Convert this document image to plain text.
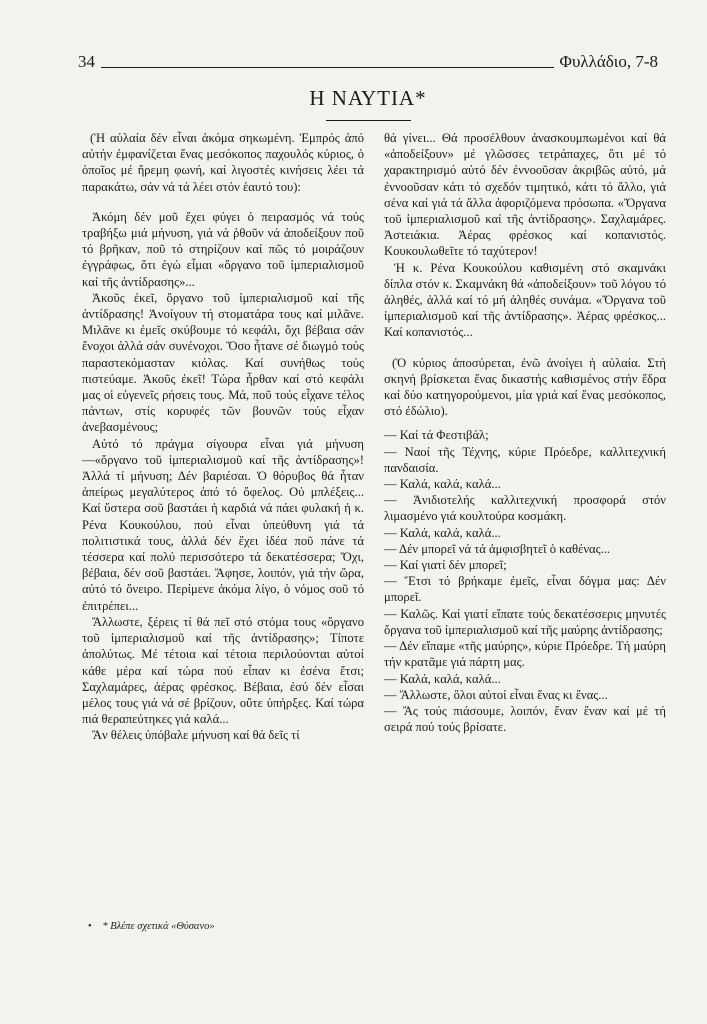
34	Φυλλάδιο, 7-8
Η ΝΑΥΤΙΑ*

(Ἡ αὐλαία δέν εἶναι ἀκόμα σηκωμένη. Ἐμπρός ἀπό αὐτήν ἐμφανίζεται ἕνας μεσόκοπος παχουλός κύριος, ὁ ὁποῖος μέ ἤρεμη φωνή, καί λιγοστές κινήσεις λέει τά παρακάτω, σάν νά τά λέει στόν ἑαυτό του):

Ἀκόμη δέν μοῦ ἔχει φύγει ὁ πειρασμός νά τούς τραβήξω μιά μήνυση, γιά νά ῥθοῦν νά ἀποδείξουν ποῦ τό βρῆκαν, ποῦ τό στηρίζουν καί πῶς τό μοιράζουν ἐγγράφως, ὅτι ἐγώ εἶμαι «ὄργανο τοῦ ἰμπεριαλισμοῦ καί τῆς ἀντίδρασης»...

Ἀκοῦς ἐκεῖ, ὄργανο τοῦ ἰμπεριαλισμοῦ καί τῆς ἀντίδρασης! Ἀνοίγουν τή στοματάρα τους καί μιλᾶνε. Μιλᾶνε κι ἐμεῖς σκύβουμε τό κεφάλι, ὄχι βέβαια σάν ἔνοχοι ἀλλά σάν συνένοχοι. Ὅσο ἦτανε σέ διωγμό τούς παραστεκόμασταν κιόλας. Καί συνήθως τούς πιστεύαμε. Ἀκοῦς ἐκεῖ! Τώρα ἦρθαν καί στό κεφάλι μας οἱ εὐγενεῖς ρήσεις τους. Μά, ποῦ τούς εἶχανε τέλος πάντων, στίς κορυφές τῶν βουνῶν τούς εἶχαν ἀνεβασμένους;

Αὐτό τό πράγμα σίγουρα εἶναι γιά μήνυση —«ὄργανο τοῦ ἰμπεριαλισμοῦ καί τῆς ἀντίδρασης»! Ἀλλά τί μήνυση; Δέν βαριέσαι. Ὁ θόρυβος θά ἦταν ἀπείρως μεγαλύτερος ἀπό τό ὄφελος. Οὐ μπλέξεις... Καί ὕστερα σοῦ βαστάει ἡ καρδιά νά πάει φυλακή ἡ κ. Ρένα Κουκούλου, πού εἶναι ὑπεύθυνη γιά τά πολιτιστικά τους, ἀλλά δέν ἔχει ἰδέα ποῦ πάνε τά τέσσερα καί πολύ περισσότερο τά δεκατέσσερα; Ὄχι, βέβαια, δέν σοῦ βαστάει. Ἄφησε, λοιπόν, γιά τήν ὥρα, αὐτό τό ὄνειρο. Περίμενε ἀκόμα λίγο, ὁ νόμος σοῦ τό ἐπιτρέπει...

Ἄλλωστε, ξέρεις τί θά πεῖ στό στόμα τους «ὄργανο τοῦ ἰμπεριαλισμοῦ καί τῆς ἀντίδρασης»; Τίποτε ἀπολύτως. Μέ τέτοια καί τέτοια περιλούονται αὐτοί κάθε μέρα καί τώρα πού εἶπαν κι ἐσένα ἔτσι; Σαχλαμάρες, ἀέρας φρέσκος. Βέβαια, ἐσύ δέν εἶσαι μέλος τους γιά νά σέ βρίζουν, οὔτε ὑπήρξες. Καί τώρα πιά θεραπεύτηκες γιά καλά...

Ἄν θέλεις ὑπόβαλε μήνυση καί θά δεῖς τί

θά γίνει... Θά προσέλθουν ἀνασκουμπωμένοι καί θά «ἀποδείξουν» μέ γλῶσσες τετράπαχες, ὅτι μέ τό χαρακτηρισμό αὐτό δέν ἐννοοῦσαν ἀκριβῶς αὐτό, μά ἐννοοῦσαν κάτι τό σχεδόν τιμητικό, κάτι τό ἄλλο, γιά σένα καί γιά τά ἄλλα ἀφοριζόμενα πρόσωπα. «Ὄργανα τοῦ ἰμπεριαλισμοῦ καί τῆς ἀντίδρασης». Σαχλαμάρες. Ἀστειάκια. Ἀέρας φρέσκος καί κοπανιστός. Κουκουλωθεῖτε τό ταχύτερον!

Ἡ κ. Ρένα Κουκούλου καθισμένη στό σκαμνάκι δίπλα στόν κ. Σκαμνάκη θά «ἀποδείξουν» τοῦ λόγου τό ἀληθές, ἀλλά καί τό μή ἀληθές συνάμα. «Ὄργανα τοῦ ἰμπεριαλισμοῦ καί τῆς ἀντίδρασης». Ἀέρας φρέσκος... Καί κοπανιστός...

(Ὁ κύριος ἀποσύρεται, ἐνῶ ἀνοίγει ἡ αὐλαία. Στή σκηνή βρίσκεται ἕνας δικαστής καθισμένος στήν ἕδρα καί δύο κατηγορούμενοι, μία γριά καί ἕνας μεσόκοπος, στό ἐδώλιο).

— Καί τά Φεστιβάλ;

— Ναοί τῆς Τέχνης, κύριε Πρόεδρε, καλλιτεχνική πανδαισία.

— Καλά, καλά, καλά...

— Ἀνιδιοτελής καλλιτεχνική προσφορά στόν λιμασμένο γιά κουλτούρα κοσμάκη.

— Καλά, καλά, καλά...

— Δέν μπορεῖ νά τά ἀμφισβητεῖ ὁ καθένας...

— Καί γιατί δέν μπορεῖ;

— Ἔτσι τό βρήκαμε ἐμεῖς, εἶναι δόγμα μας: Δέν μπορεῖ.

— Καλῶς. Καί γιατί εἴπατε τούς δεκατέσσερις μηνυτές ὄργανα τοῦ ἰμπεριαλισμοῦ καί τῆς μαύρης ἀντίδρασης;

— Δέν εἴπαμε «τῆς μαύρης», κύριε Πρόεδρε. Τή μαύρη τήν κρατᾶμε γιά πάρτη μας.

— Καλά, καλά, καλά...

— Ἄλλωστε, ὅλοι αὐτοί εἶναι ἕνας κι ἕνας...

— Ἄς τούς πιάσουμε, λοιπόν, ἕναν ἕναν καί μέ τή σειρά πού τούς βρίσατε.

• * Βλέπε σχετικά «Θύσανο»
